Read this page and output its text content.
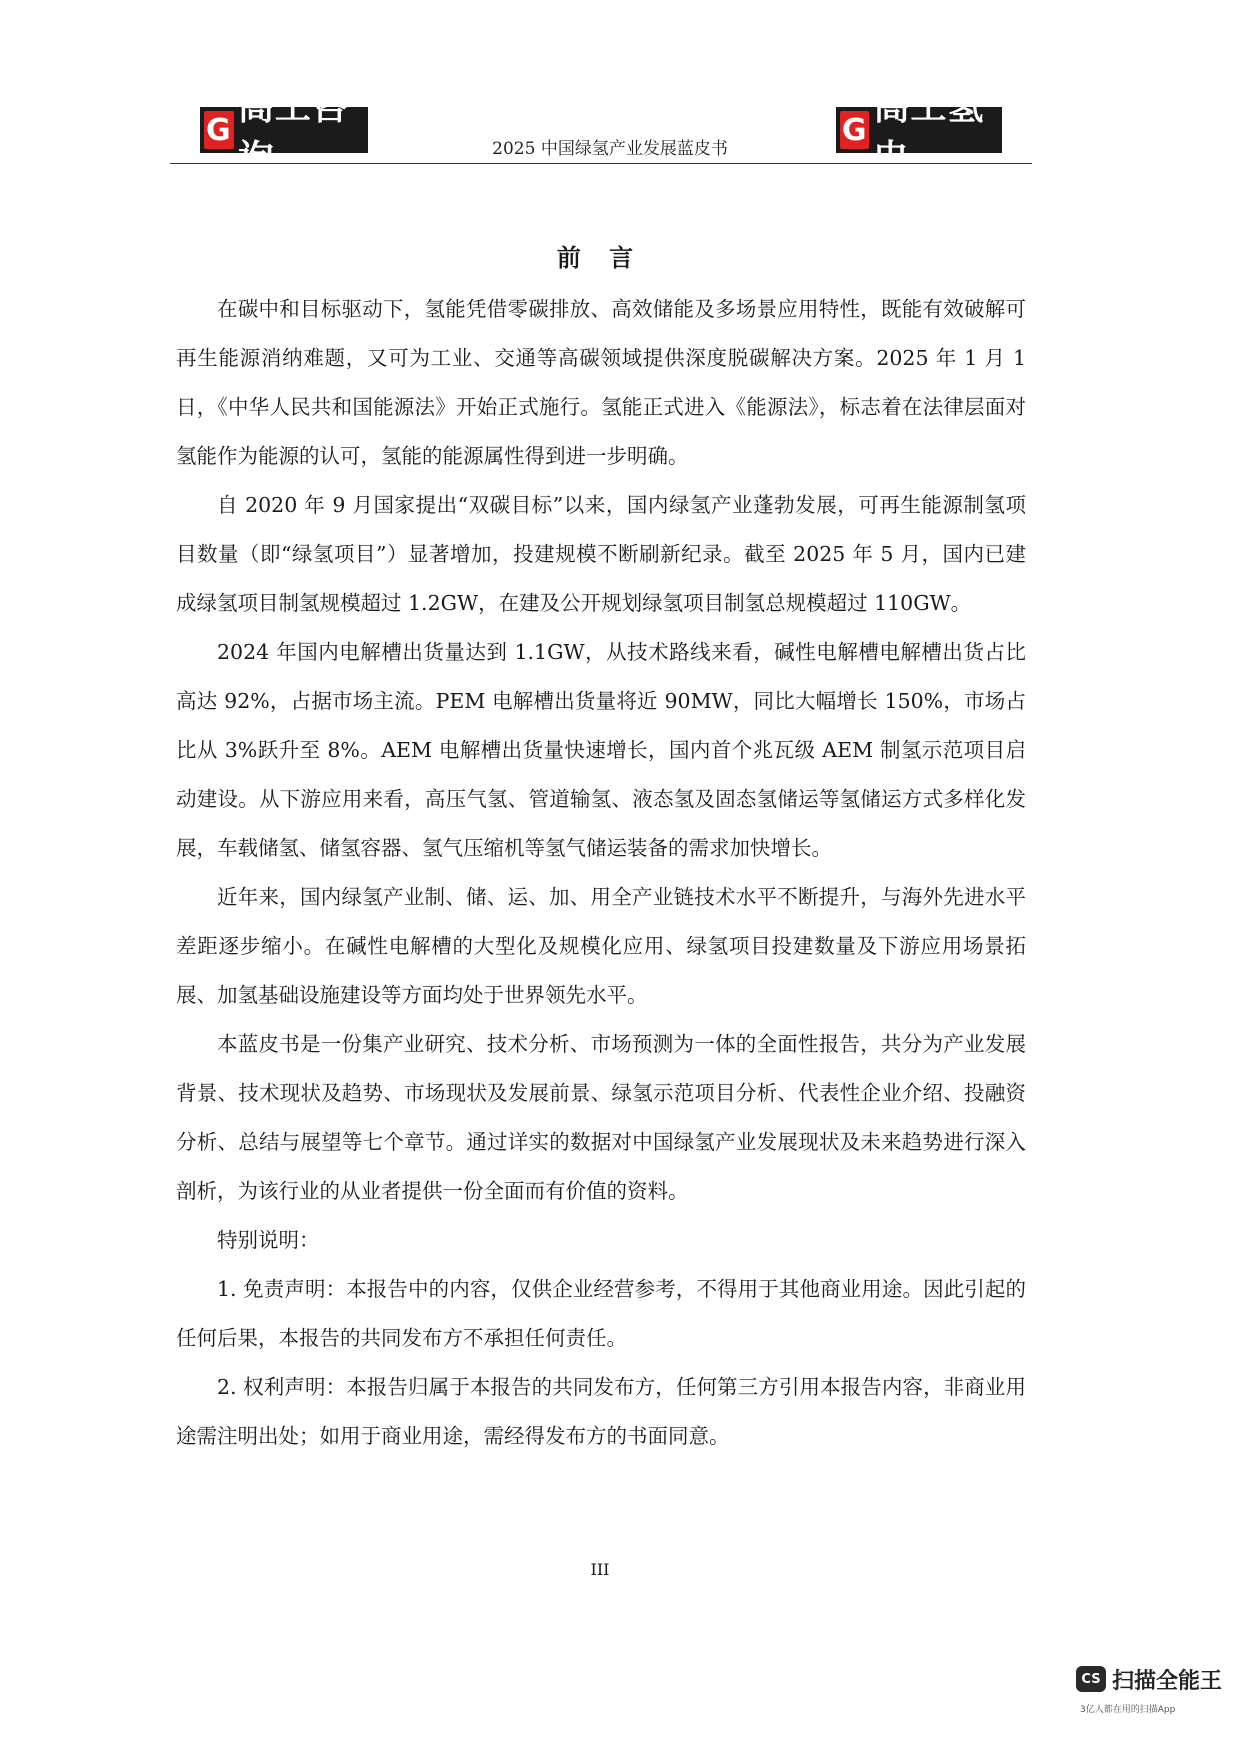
G
高工咨询	2025 中国绿氢产业发展蓝皮书
G
高工氢电
前 言

在碳中和目标驱动下，氢能凭借零碳排放、高效储能及多场景应用特性，既能有效破解可再生能源消纳难题，又可为工业、交通等高碳领域提供深度脱碳解决方案。2025 年 1 月 1 日，《中华人民共和国能源法》开始正式施行。氢能正式进入《能源法》，标志着在法律层面对氢能作为能源的认可，氢能的能源属性得到进一步明确。

自 2020 年 9 月国家提出“双碳目标”以来，国内绿氢产业蓬勃发展，可再生能源制氢项目数量（即“绿氢项目”）显著增加，投建规模不断刷新纪录。截至 2025 年 5 月，国内已建成绿氢项目制氢规模超过 1.2GW，在建及公开规划绿氢项目制氢总规模超过 110GW。

2024 年国内电解槽出货量达到 1.1GW，从技术路线来看，碱性电解槽电解槽出货占比高达 92%，占据市场主流。PEM 电解槽出货量将近 90MW，同比大幅增长 150%，市场占比从 3%跃升至 8%。AEM 电解槽出货量快速增长，国内首个兆瓦级 AEM 制氢示范项目启动建设。从下游应用来看，高压气氢、管道输氢、液态氢及固态氢储运等氢储运方式多样化发展，车载储氢、储氢容器、氢气压缩机等氢气储运装备的需求加快增长。

近年来，国内绿氢产业制、储、运、加、用全产业链技术水平不断提升，与海外先进水平差距逐步缩小。在碱性电解槽的大型化及规模化应用、绿氢项目投建数量及下游应用场景拓展、加氢基础设施建设等方面均处于世界领先水平。

本蓝皮书是一份集产业研究、技术分析、市场预测为一体的全面性报告，共分为产业发展背景、技术现状及趋势、市场现状及发展前景、绿氢示范项目分析、代表性企业介绍、投融资分析、总结与展望等七个章节。通过详实的数据对中国绿氢产业发展现状及未来趋势进行深入剖析，为该行业的从业者提供一份全面而有价值的资料。

特别说明：

1. 免责声明：本报告中的内容，仅供企业经营参考，不得用于其他商业用途。因此引起的任何后果，本报告的共同发布方不承担任何责任。

2. 权利声明：本报告归属于本报告的共同发布方，任何第三方引用本报告内容，非商业用途需注明出处；如用于商业用途，需经得发布方的书面同意。

III
CS 扫描全能王
3亿人都在用的扫描App
